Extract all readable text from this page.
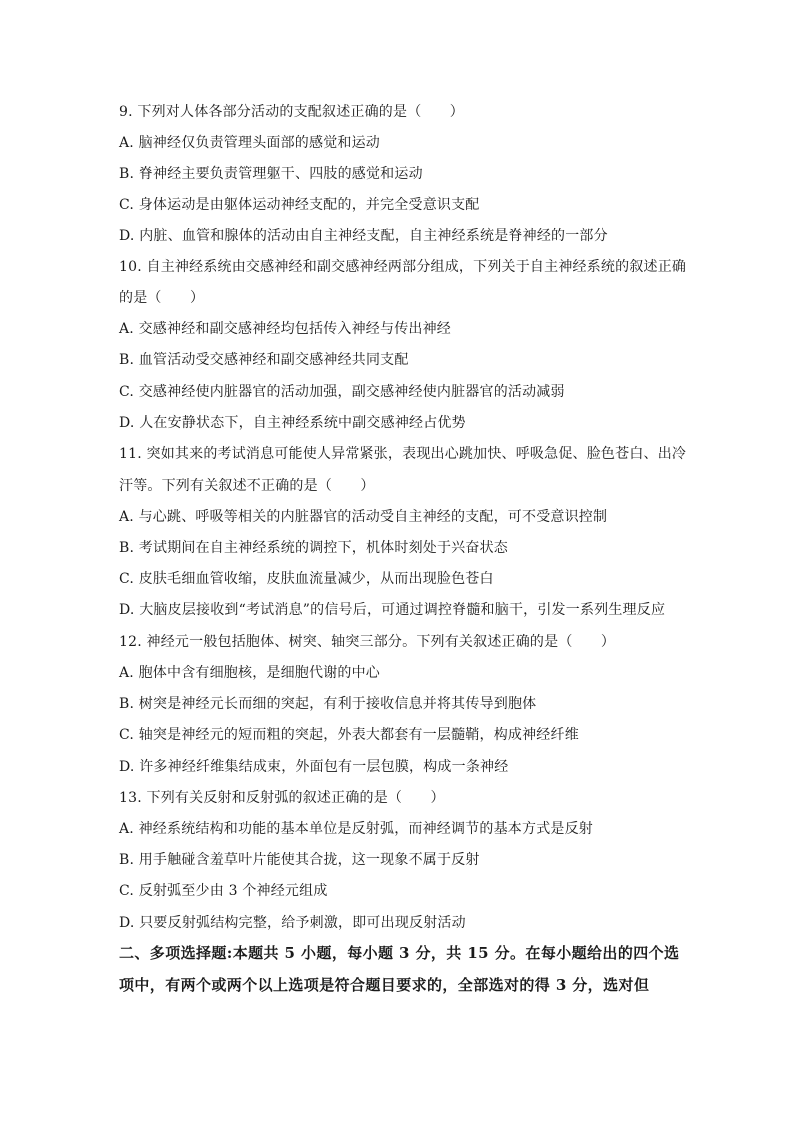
9. 下列对人体各部分活动的支配叙述正确的是（　　）
A. 脑神经仅负责管理头面部的感觉和运动
B. 脊神经主要负责管理躯干、四肢的感觉和运动
C. 身体运动是由躯体运动神经支配的，并完全受意识支配
D. 内脏、血管和腺体的活动由自主神经支配，自主神经系统是脊神经的一部分
10. 自主神经系统由交感神经和副交感神经两部分组成，下列关于自主神经系统的叙述正确
的是（　　）
A. 交感神经和副交感神经均包括传入神经与传出神经
B. 血管活动受交感神经和副交感神经共同支配
C. 交感神经使内脏器官的活动加强，副交感神经使内脏器官的活动减弱
D. 人在安静状态下，自主神经系统中副交感神经占优势
11. 突如其来的考试消息可能使人异常紧张，表现出心跳加快、呼吸急促、脸色苍白、出冷
汗等。下列有关叙述不正确的是（　　）
A. 与心跳、呼吸等相关的内脏器官的活动受自主神经的支配，可不受意识控制
B. 考试期间在自主神经系统的调控下，机体时刻处于兴奋状态
C. 皮肤毛细血管收缩，皮肤血流量减少，从而出现脸色苍白
D. 大脑皮层接收到“考试消息”的信号后，可通过调控脊髓和脑干，引发一系列生理反应
12. 神经元一般包括胞体、树突、轴突三部分。下列有关叙述正确的是（　　）
A. 胞体中含有细胞核，是细胞代谢的中心
B. 树突是神经元长而细的突起，有利于接收信息并将其传导到胞体
C. 轴突是神经元的短而粗的突起，外表大都套有一层髓鞘，构成神经纤维
D. 许多神经纤维集结成束，外面包有一层包膜，构成一条神经
13. 下列有关反射和反射弧的叙述正确的是（　　）
A. 神经系统结构和功能的基本单位是反射弧，而神经调节的基本方式是反射
B. 用手触碰含羞草叶片能使其合拢，这一现象不属于反射
C. 反射弧至少由 3 个神经元组成
D. 只要反射弧结构完整，给予刺激，即可出现反射活动
二、多项选择题:本题共 5 小题，每小题 3 分，共 15 分。在每小题给出的四个选
项中，有两个或两个以上选项是符合题目要求的，全部选对的得 3 分，选对但
